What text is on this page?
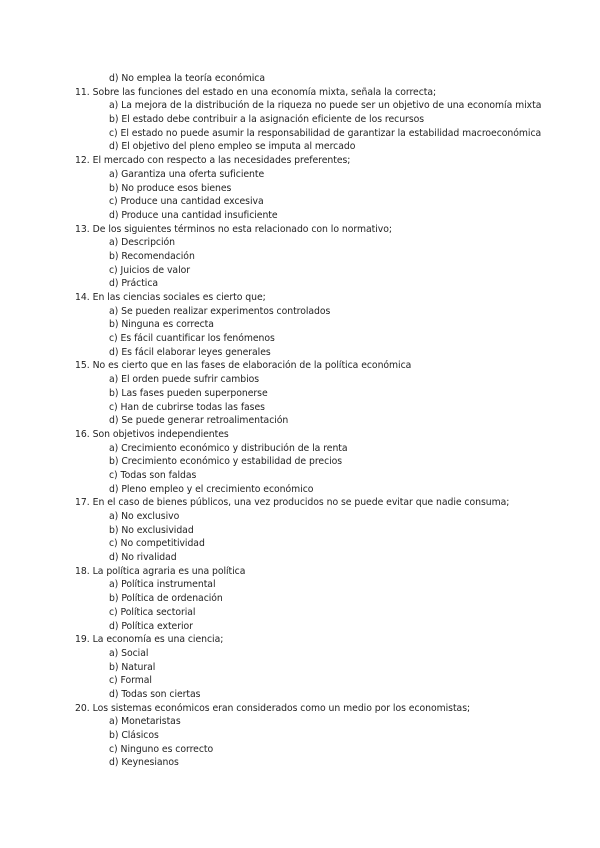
d) No emplea la teoría económica
11. Sobre las funciones del estado en una economía mixta, señala la correcta;
a) La mejora de la distribución de la riqueza no puede ser un objetivo de una economía mixta
b) El estado debe contribuir a la asignación eficiente de los recursos
c) El estado no puede asumir la responsabilidad de garantizar la estabilidad macroeconómica
d) El objetivo del pleno empleo se imputa al mercado
12. El mercado con respecto a las necesidades preferentes;
a) Garantiza una oferta suficiente
b) No produce esos bienes
c) Produce una cantidad excesiva
d) Produce una cantidad insuficiente
13. De los siguientes términos no esta relacionado con lo normativo;
a) Descripción
b) Recomendación
c) Juicios de valor
d) Práctica
14. En las ciencias sociales es cierto que;
a) Se pueden realizar experimentos controlados
b) Ninguna es correcta
c) Es fácil cuantificar los fenómenos
d) Es fácil elaborar leyes generales
15. No es cierto que en las fases de elaboración de la política económica
a) El orden puede sufrir cambios
b) Las fases pueden superponerse
c) Han de cubrirse todas las fases
d) Se puede generar retroalimentación
16. Son objetivos independientes
a) Crecimiento económico y distribución de la renta
b) Crecimiento económico y estabilidad de precios
c) Todas son faldas
d) Pleno empleo y el crecimiento económico
17. En el caso de bienes públicos, una vez producidos no se puede evitar que nadie consuma;
a) No exclusivo
b) No exclusividad
c) No competitividad
d) No rivalidad
18. La política agraria es una política
a) Política instrumental
b) Política de ordenación
c) Política sectorial
d) Política exterior
19. La economía es una ciencia;
a) Social
b) Natural
c) Formal
d) Todas son ciertas
20. Los sistemas económicos eran considerados como un medio por los economistas;
a) Monetaristas
b) Clásicos
c) Ninguno es correcto
d) Keynesianos
